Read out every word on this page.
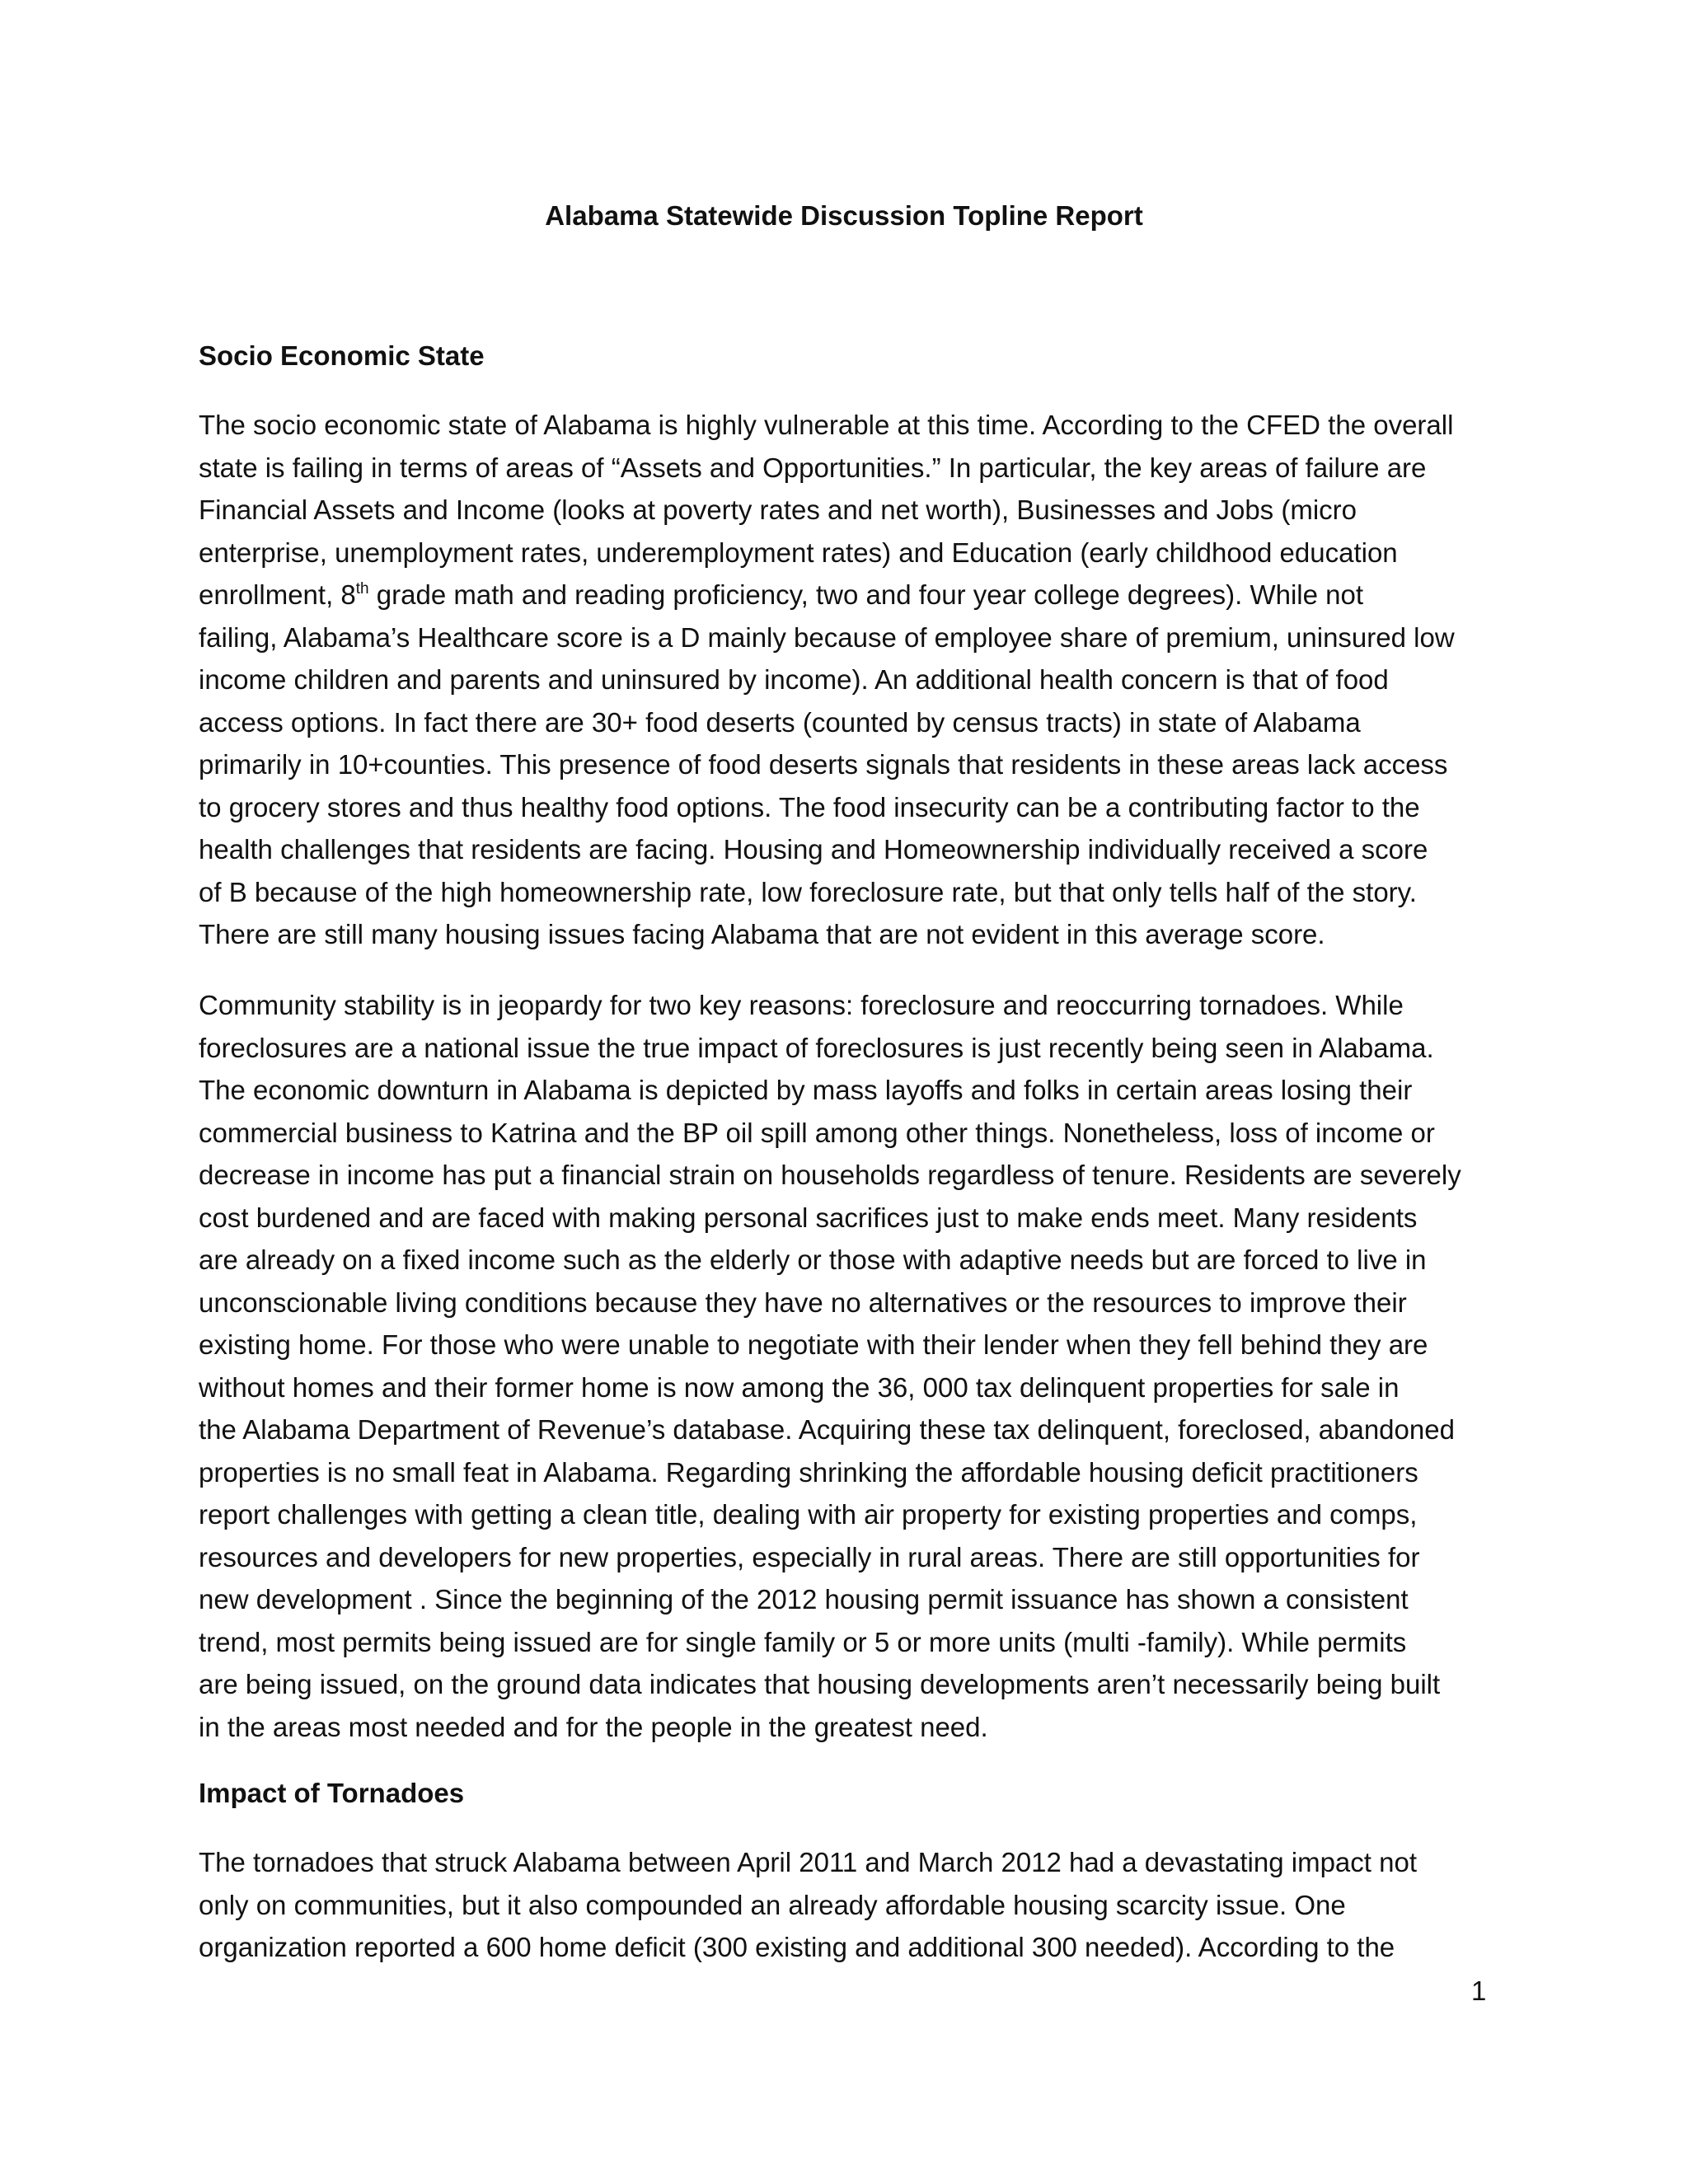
Alabama Statewide Discussion Topline Report
Socio Economic State

The socio economic state of Alabama is highly vulnerable at this time. According to the CFED the overall
state is failing in terms of areas of “Assets and Opportunities.” In particular, the key areas of failure are
Financial Assets and Income (looks at poverty rates and net worth), Businesses and Jobs (micro
enterprise, unemployment rates, underemployment rates) and Education (early childhood education
enrollment, 8th grade math and reading proficiency, two and four year college degrees). While not
failing, Alabama’s Healthcare score is a D mainly because of employee share of premium, uninsured low
income children and parents and uninsured by income). An additional health concern is that of food
access options. In fact there are 30+ food deserts (counted by census tracts) in state of Alabama
primarily in 10+counties. This presence of food deserts signals that residents in these areas lack access
to grocery stores and thus healthy food options. The food insecurity can be a contributing factor to the
health challenges that residents are facing. Housing and Homeownership individually received a score
of B because of the high homeownership rate, low foreclosure rate, but that only tells half of the story.
There are still many housing issues facing Alabama that are not evident in this average score.

Community stability is in jeopardy for two key reasons: foreclosure and reoccurring tornadoes. While
foreclosures are a national issue the true impact of foreclosures is just recently being seen in Alabama.
The economic downturn in Alabama is depicted by mass layoffs and folks in certain areas losing their
commercial business to Katrina and the BP oil spill among other things. Nonetheless, loss of income or
decrease in income has put a financial strain on households regardless of tenure. Residents are severely
cost burdened and are faced with making personal sacrifices just to make ends meet. Many residents
are already on a fixed income such as the elderly or those with adaptive needs but are forced to live in
unconscionable living conditions because they have no alternatives or the resources to improve their
existing home. For those who were unable to negotiate with their lender when they fell behind they are
without homes and their former home is now among the 36, 000 tax delinquent properties for sale in
the Alabama Department of Revenue’s database. Acquiring these tax delinquent, foreclosed, abandoned
properties is no small feat in Alabama. Regarding shrinking the affordable housing deficit practitioners
report challenges with getting a clean title, dealing with air property for existing properties and comps,
resources and developers for new properties, especially in rural areas. There are still opportunities for
new development . Since the beginning of the 2012 housing permit issuance has shown a consistent
trend, most permits being issued are for single family or 5 or more units (multi -family). While permits
are being issued, on the ground data indicates that housing developments aren’t necessarily being built
in the areas most needed and for the people in the greatest need.

Impact of Tornadoes

The tornadoes that struck Alabama between April 2011 and March 2012 had a devastating impact not
only on communities, but it also compounded an already affordable housing scarcity issue. One
organization reported a 600 home deficit (300 existing and additional 300 needed). According to the

1
